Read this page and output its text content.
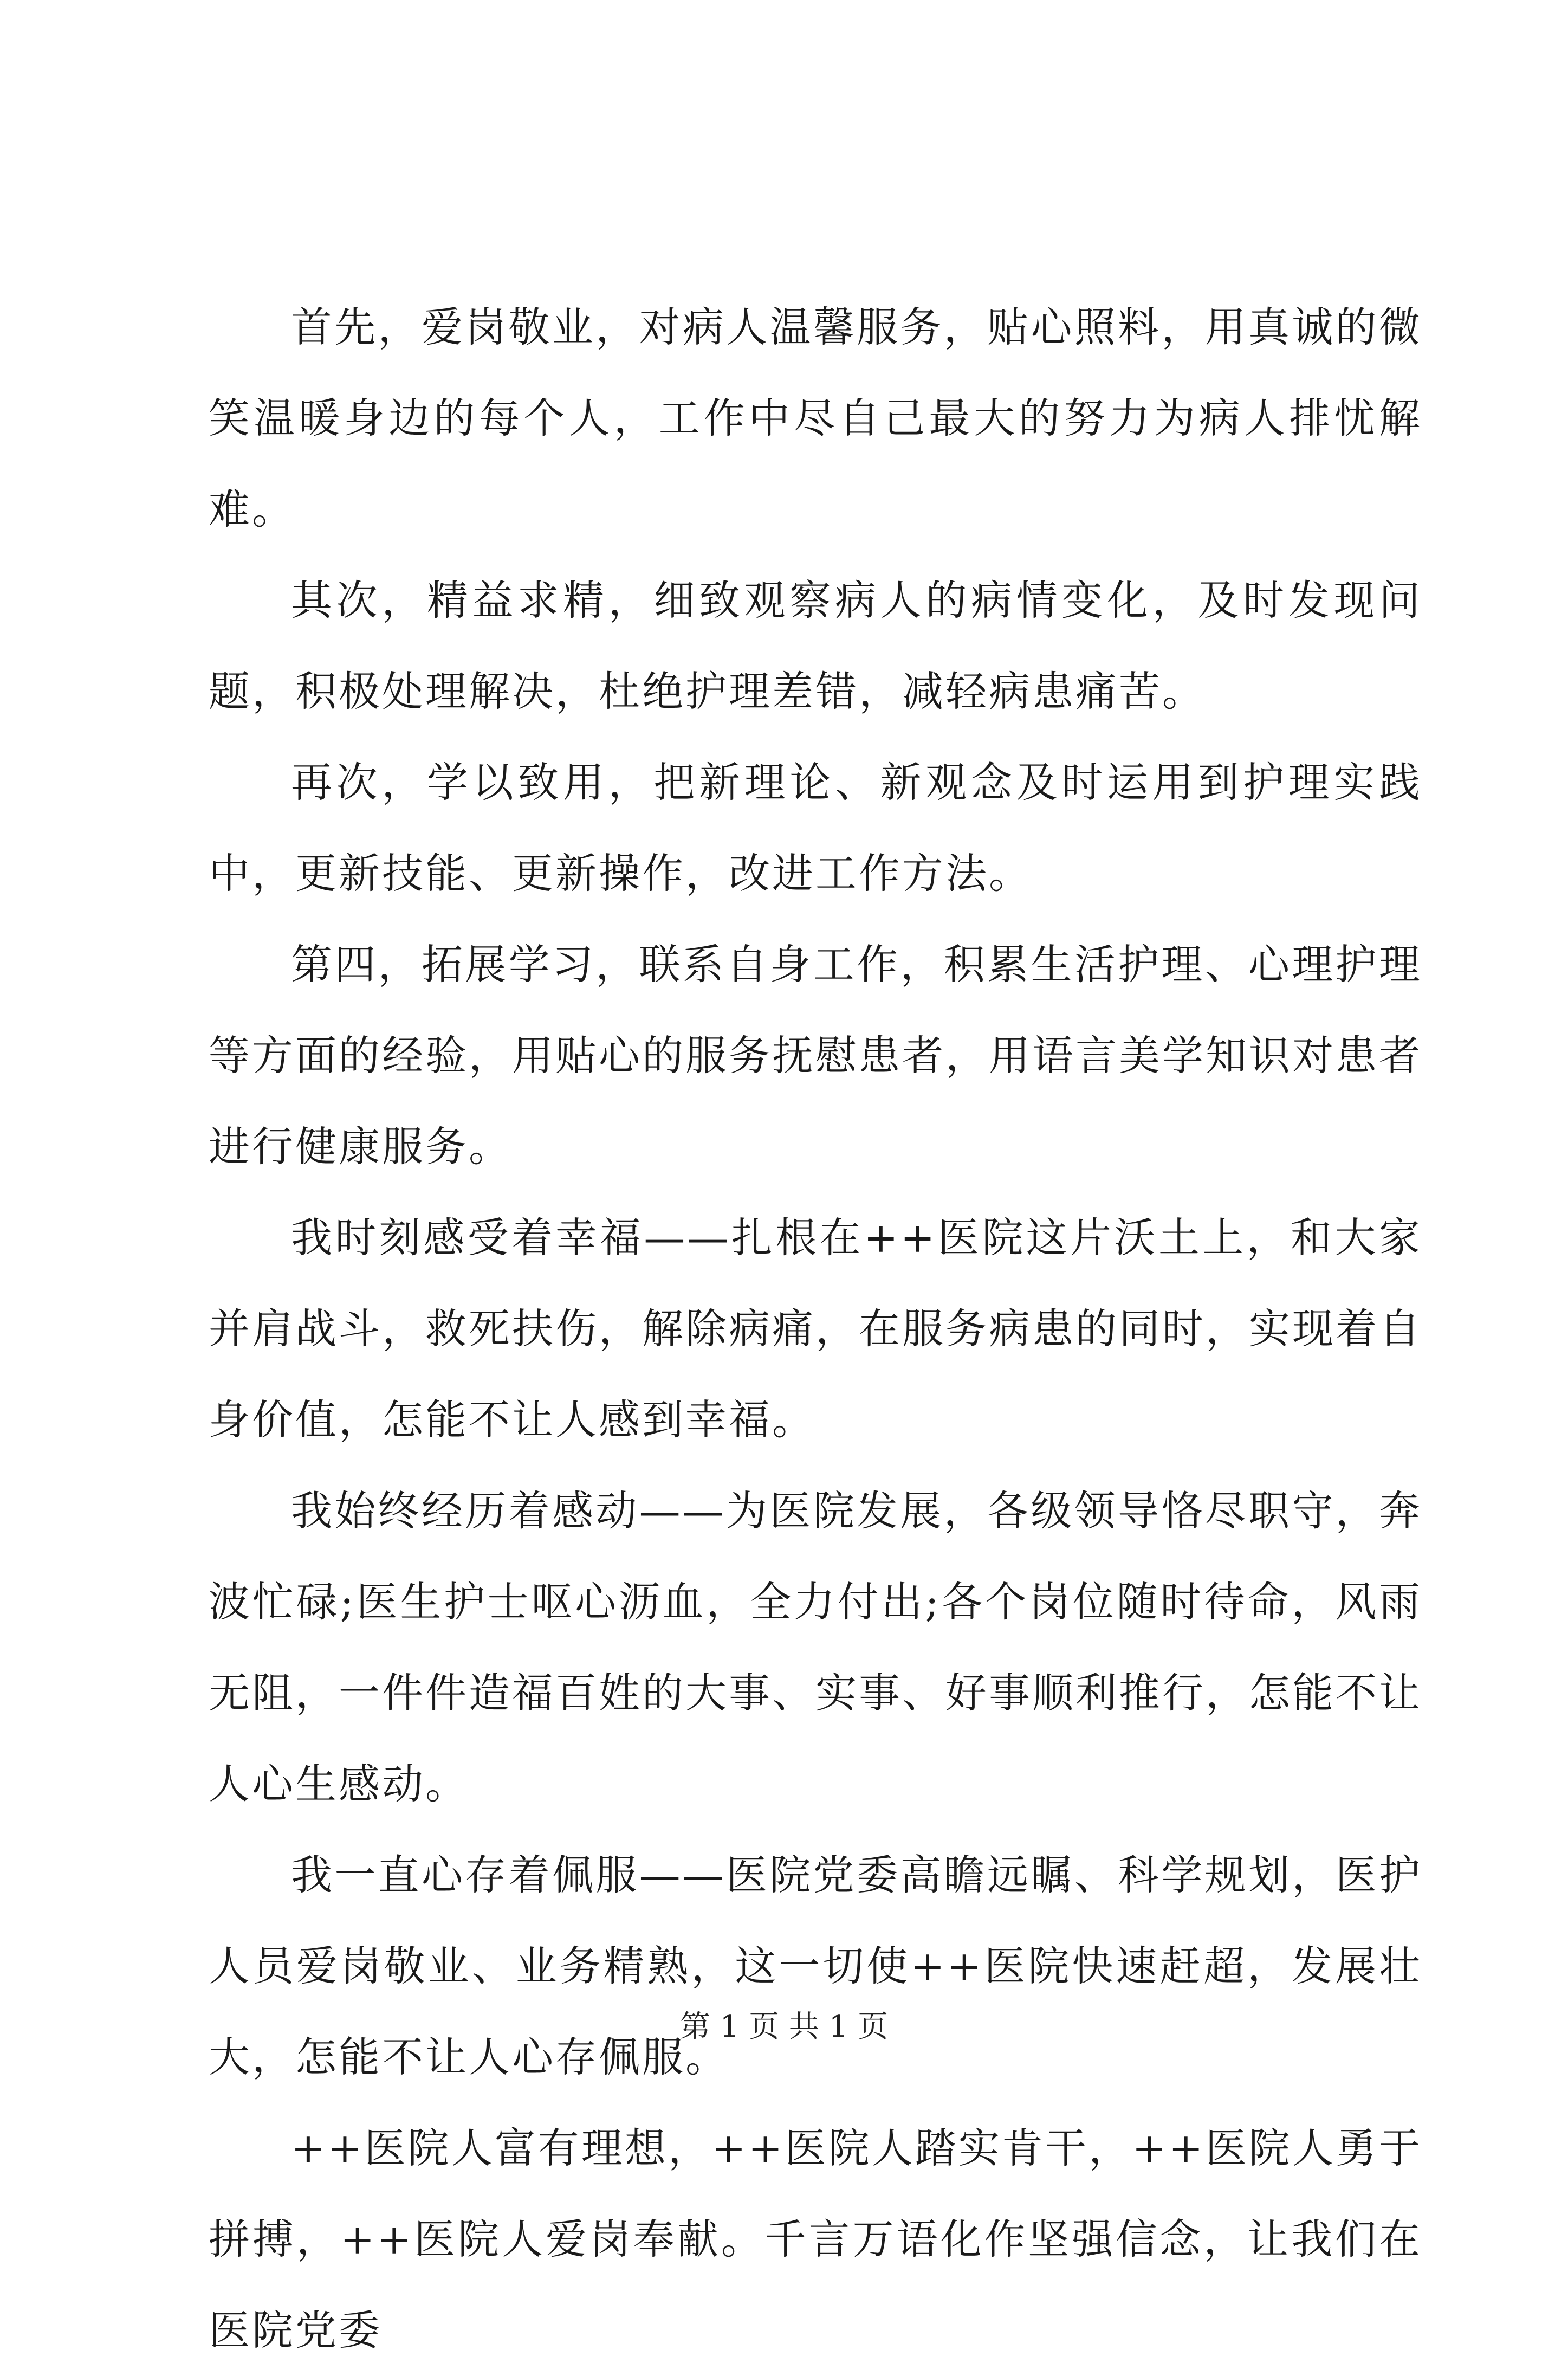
首先，爱岗敬业，对病人温馨服务，贴心照料，用真诚的微笑温暖身边的每个人，工作中尽自己最大的努力为病人排忧解难。

其次，精益求精，细致观察病人的病情变化，及时发现问题，积极处理解决，杜绝护理差错，减轻病患痛苦。

再次，学以致用，把新理论、新观念及时运用到护理实践中，更新技能、更新操作，改进工作方法。

第四，拓展学习，联系自身工作，积累生活护理、心理护理等方面的经验，用贴心的服务抚慰患者，用语言美学知识对患者进行健康服务。

我时刻感受着幸福——扎根在++医院这片沃土上，和大家并肩战斗，救死扶伤，解除病痛，在服务病患的同时，实现着自身价值，怎能不让人感到幸福。

我始终经历着感动——为医院发展，各级领导恪尽职守，奔波忙碌;医生护士呕心沥血，全力付出;各个岗位随时待命，风雨无阻，一件件造福百姓的大事、实事、好事顺利推行，怎能不让人心生感动。

我一直心存着佩服——医院党委高瞻远瞩、科学规划，医护人员爱岗敬业、业务精熟，这一切使++医院快速赶超，发展壮大，怎能不让人心存佩服。

++医院人富有理想，++医院人踏实肯干，++医院人勇于拼搏，++医院人爱岗奉献。千言万语化作坚强信念，让我们在医院党委

第 1 页 共 1 页
